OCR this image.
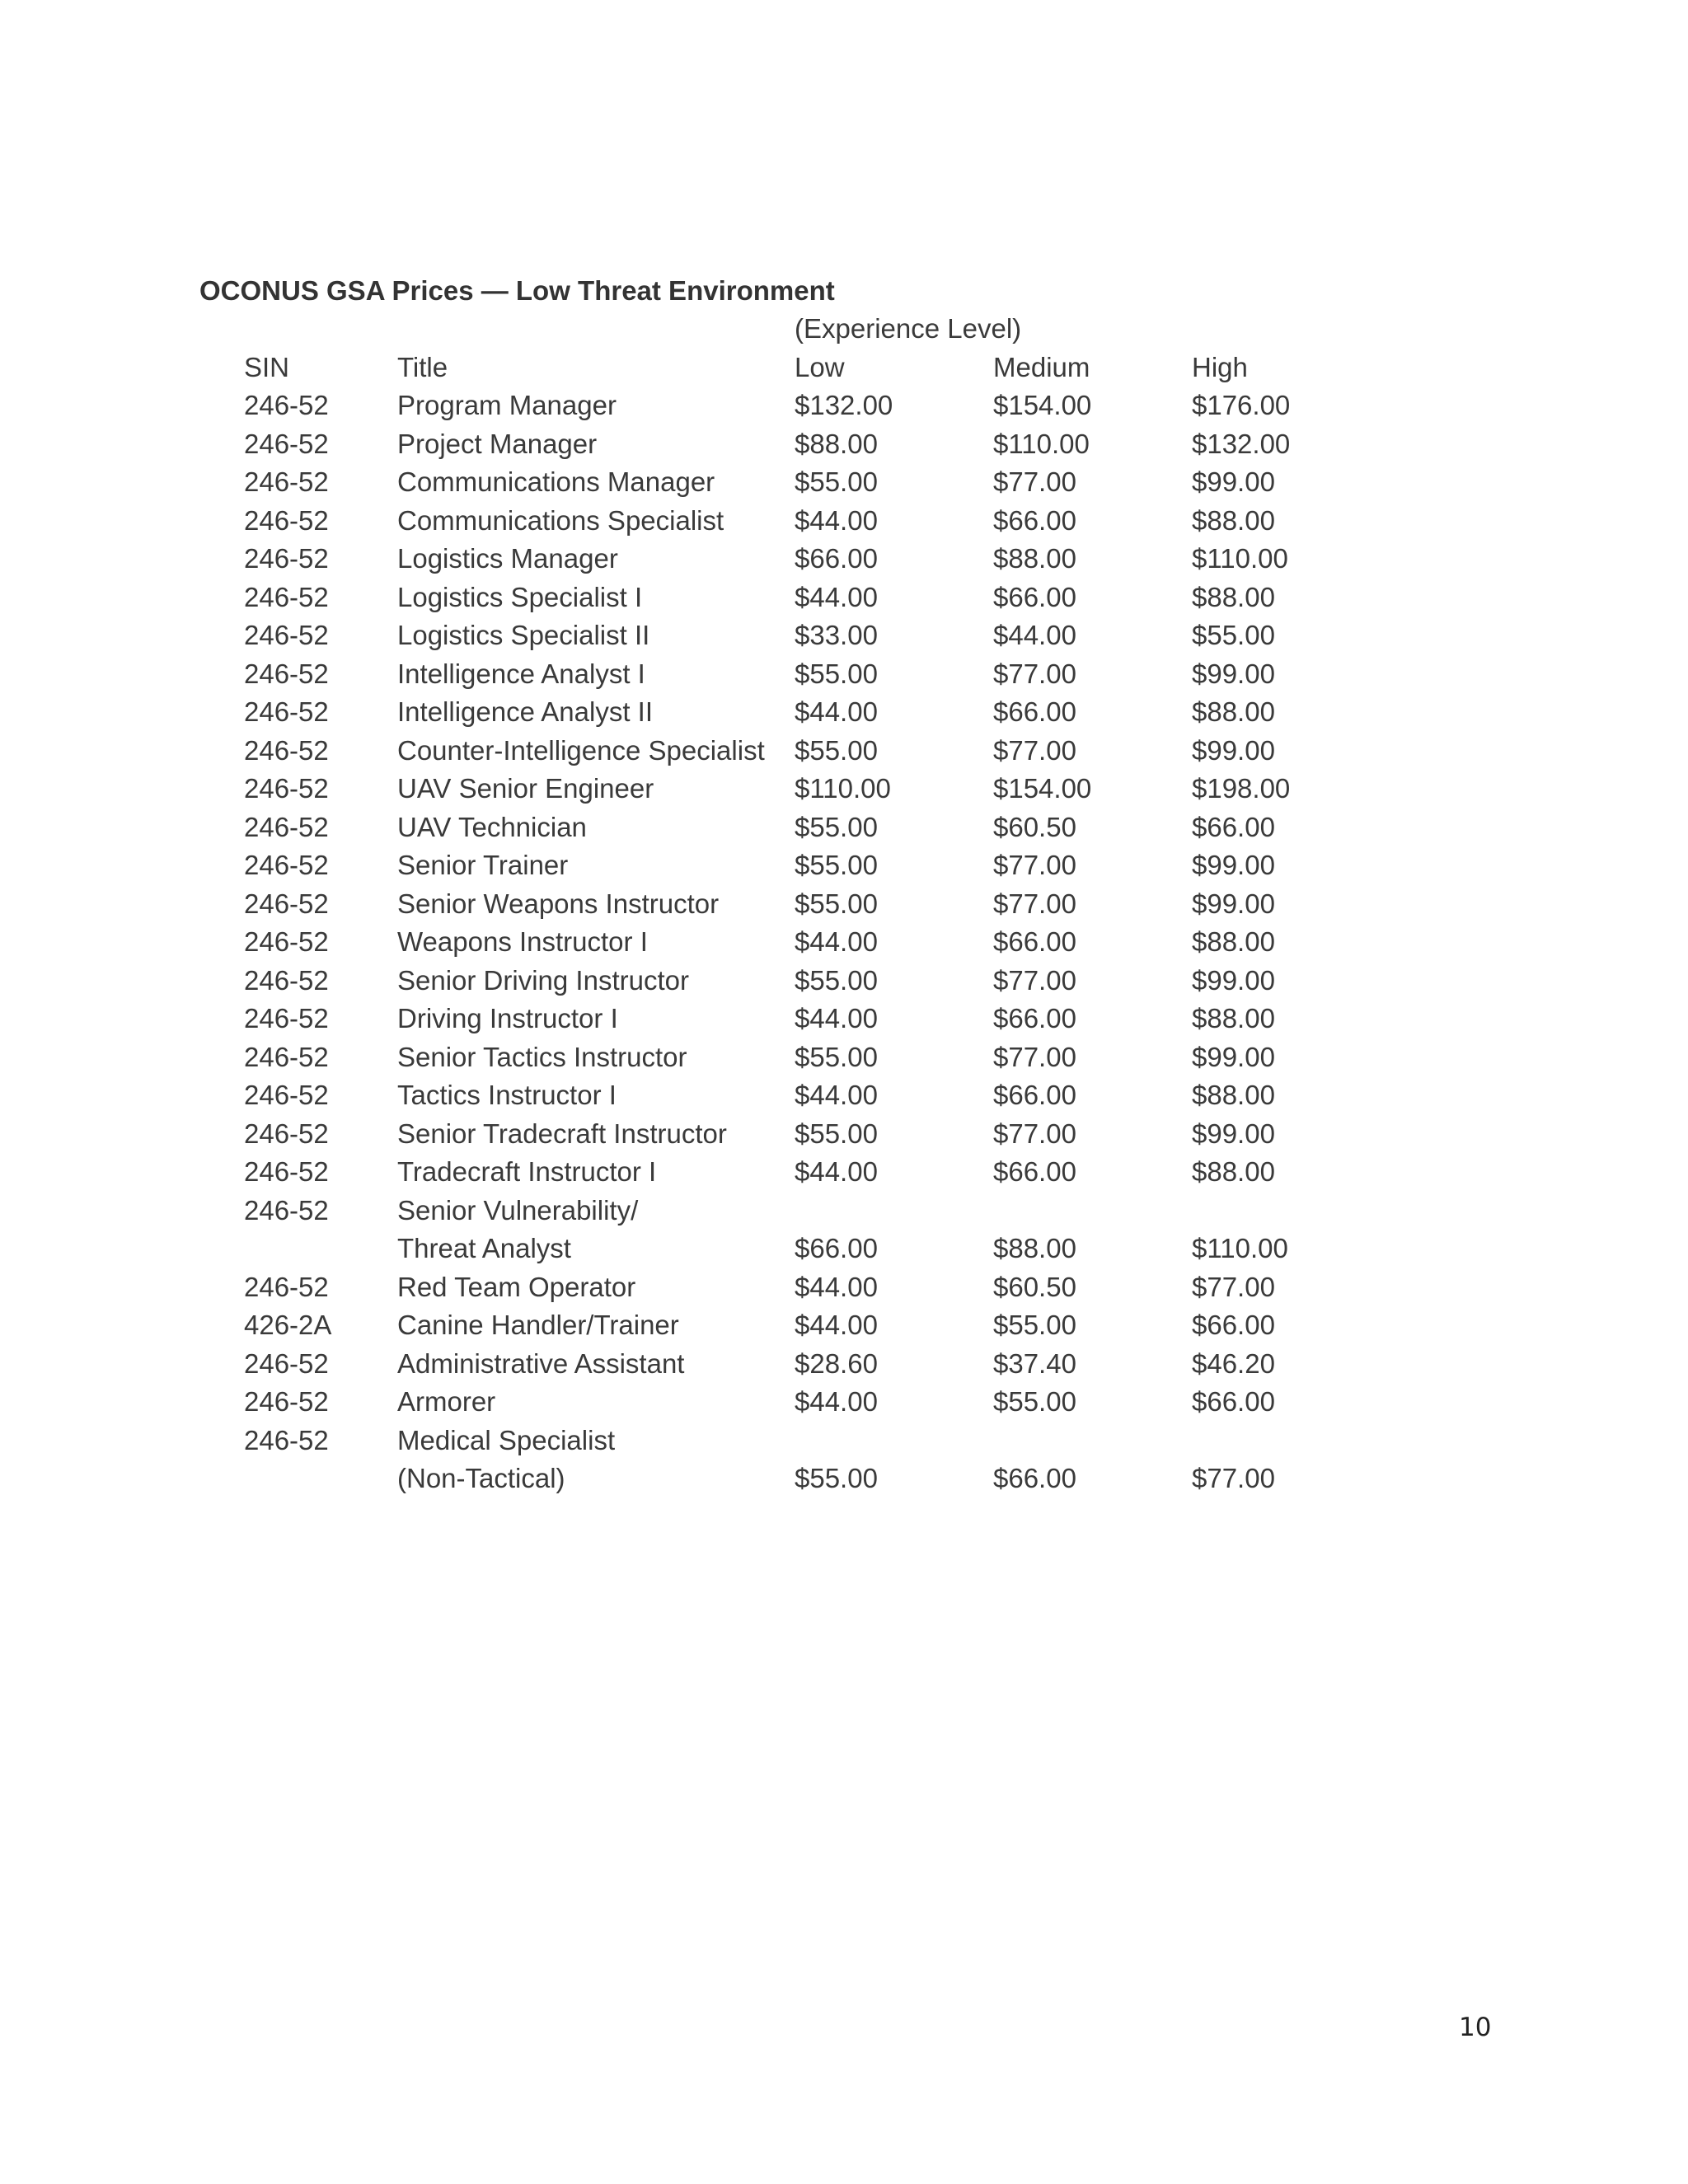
OCONUS GSA Prices — Low Threat Environment
(Experience Level)
SIN	Title	Low	Medium	High
246-52	Program Manager	$132.00	$154.00	$176.00
246-52	Project Manager	$88.00	$110.00	$132.00
246-52	Communications Manager	$55.00	$77.00	$99.00
246-52	Communications Specialist	$44.00	$66.00	$88.00
246-52	Logistics Manager	$66.00	$88.00	$110.00
246-52	Logistics Specialist I	$44.00	$66.00	$88.00
246-52	Logistics Specialist II	$33.00	$44.00	$55.00
246-52	Intelligence Analyst I	$55.00	$77.00	$99.00
246-52	Intelligence Analyst II	$44.00	$66.00	$88.00
246-52	Counter-Intelligence Specialist $55.00	$77.00	$99.00
246-52	UAV Senior Engineer	$110.00	$154.00	$198.00
246-52	UAV Technician	$55.00	$60.50	$66.00
246-52	Senior Trainer	$55.00	$77.00	$99.00
246-52	Senior Weapons Instructor	$55.00	$77.00	$99.00
246-52	Weapons Instructor I	$44.00	$66.00	$88.00
246-52	Senior Driving Instructor	$55.00	$77.00	$99.00
246-52	Driving Instructor I	$44.00	$66.00	$88.00
246-52	Senior Tactics Instructor	$55.00	$77.00	$99.00
246-52	Tactics Instructor I	$44.00	$66.00	$88.00
246-52	Senior Tradecraft Instructor $55.00	$77.00	$99.00
246-52	Tradecraft Instructor I	$44.00	$66.00	$88.00
246-52	Senior Vulnerability/
Threat Analyst	$66.00	$88.00	$110.00
246-52	Red Team Operator	$44.00	$60.50	$77.00
426-2A Canine Handler/Trainer	$44.00	$55.00	$66.00
246-52	Administrative Assistant	$28.60	$37.40	$46.20
246-52	Armorer	$44.00	$55.00	$66.00
246-52	Medical Specialist
(Non-Tactical)	$55.00	$66.00	$77.00
10
